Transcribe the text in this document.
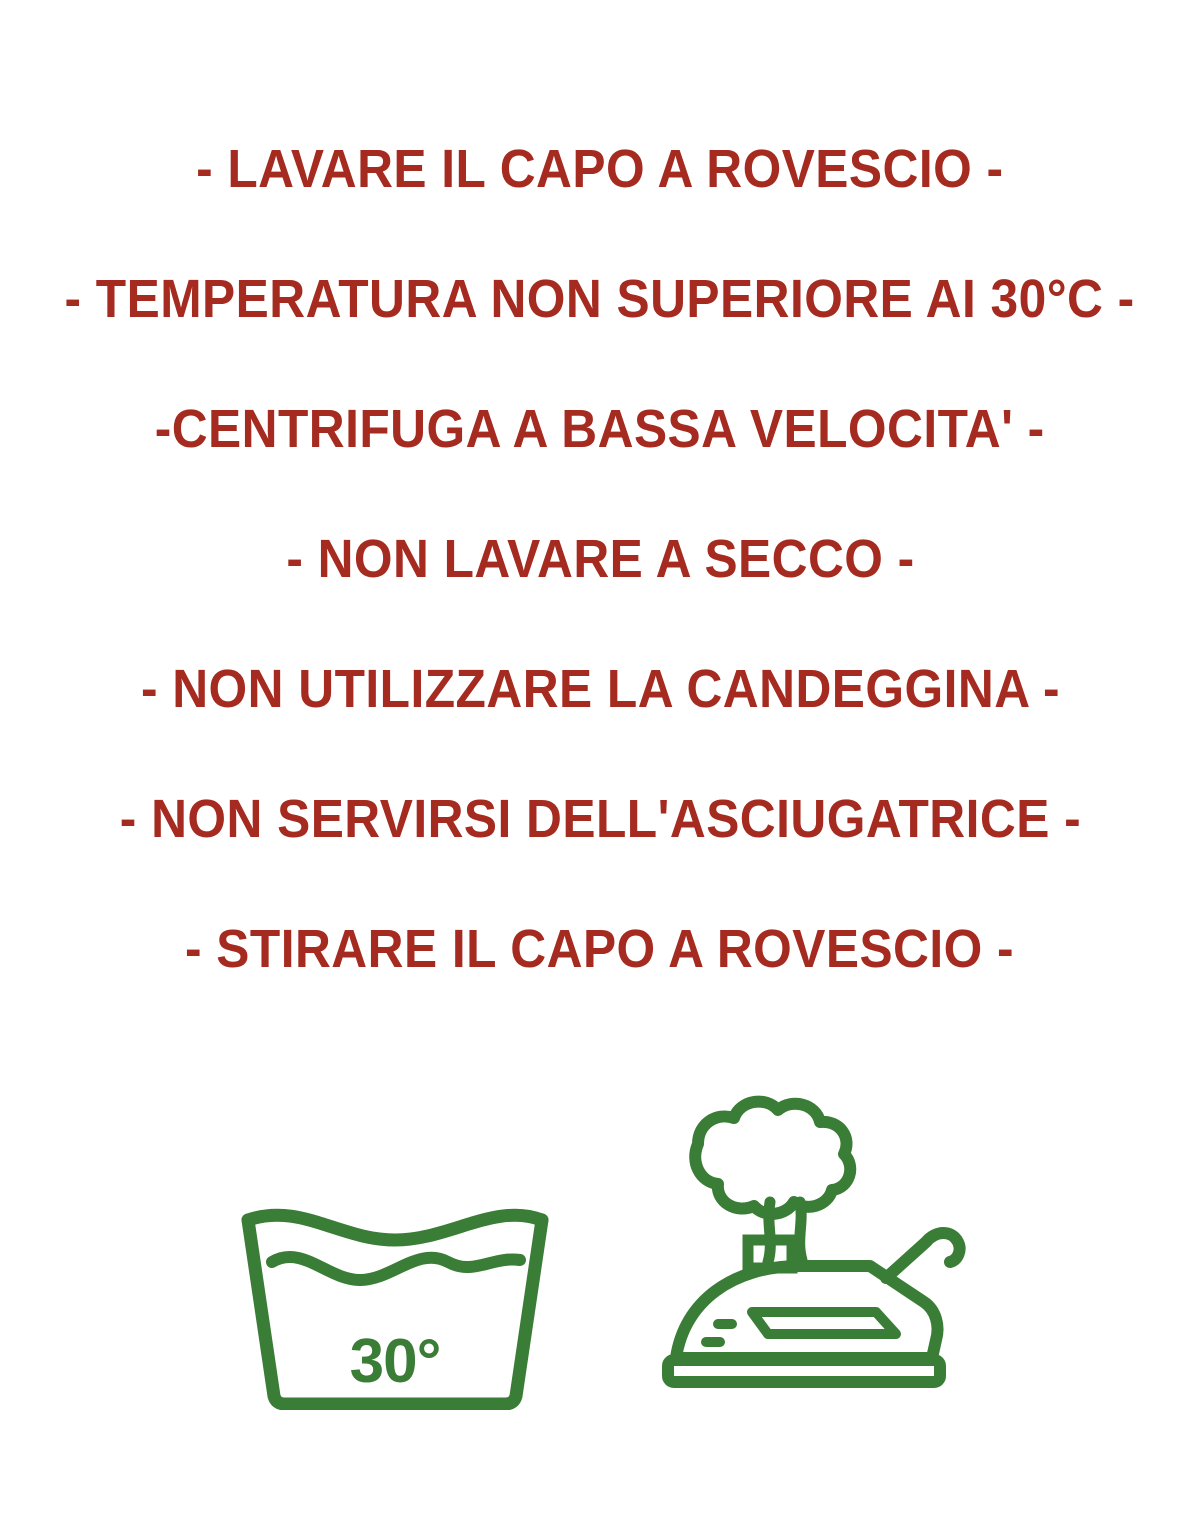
- LAVARE IL CAPO A ROVESCIO -
- TEMPERATURA NON SUPERIORE AI 30°C -
-CENTRIFUGA A BASSA VELOCITA' -
- NON LAVARE A SECCO -
- NON UTILIZZARE LA CANDEGGINA -
- NON SERVIRSI DELL'ASCIUGATRICE -
- STIRARE IL CAPO A ROVESCIO -
30°
